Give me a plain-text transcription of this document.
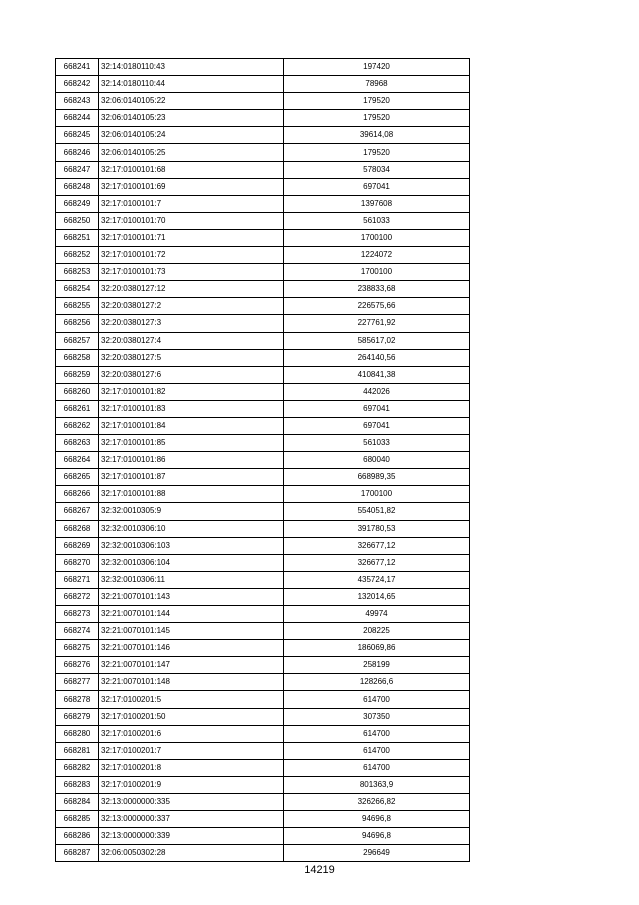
668241	32:14:0180110:43	197420
668242	32:14:0180110:44	78968
668243	32:06:0140105:22	179520
668244	32:06:0140105:23	179520
668245	32:06:0140105:24	39614,08
668246	32:06:0140105:25	179520
668247	32:17:0100101:68	578034
668248	32:17:0100101:69	697041
668249	32:17:0100101:7	1397608
668250	32:17:0100101:70	561033
668251	32:17:0100101:71	1700100
668252	32:17:0100101:72	1224072
668253	32:17:0100101:73	1700100
668254	32:20:0380127:12	238833,68
668255	32:20:0380127:2	226575,66
668256	32:20:0380127:3	227761,92
668257	32:20:0380127:4	585617,02
668258	32:20:0380127:5	264140,56
668259	32:20:0380127:6	410841,38
668260	32:17:0100101:82	442026
668261	32:17:0100101:83	697041
668262	32:17:0100101:84	697041
668263	32:17:0100101:85	561033
668264	32:17:0100101:86	680040
668265	32:17:0100101:87	668989,35
668266	32:17:0100101:88	1700100
668267	32:32:0010305:9	554051,82
668268	32:32:0010306:10	391780,53
668269	32:32:0010306:103	326677,12
668270	32:32:0010306:104	326677,12
668271	32:32:0010306:11	435724,17
668272	32:21:0070101:143	132014,65
668273	32:21:0070101:144	49974
668274	32:21:0070101:145	208225
668275	32:21:0070101:146	186069,86
668276	32:21:0070101:147	258199
668277	32:21:0070101:148	128266,6
668278	32:17:0100201:5	614700
668279	32:17:0100201:50	307350
668280	32:17:0100201:6	614700
668281	32:17:0100201:7	614700
668282	32:17:0100201:8	614700
668283	32:17:0100201:9	801363,9
668284	32:13:0000000:335	326266,82
668285	32:13:0000000:337	94696,8
668286	32:13:0000000:339	94696,8
668287	32:06:0050302:28	296649
14219
